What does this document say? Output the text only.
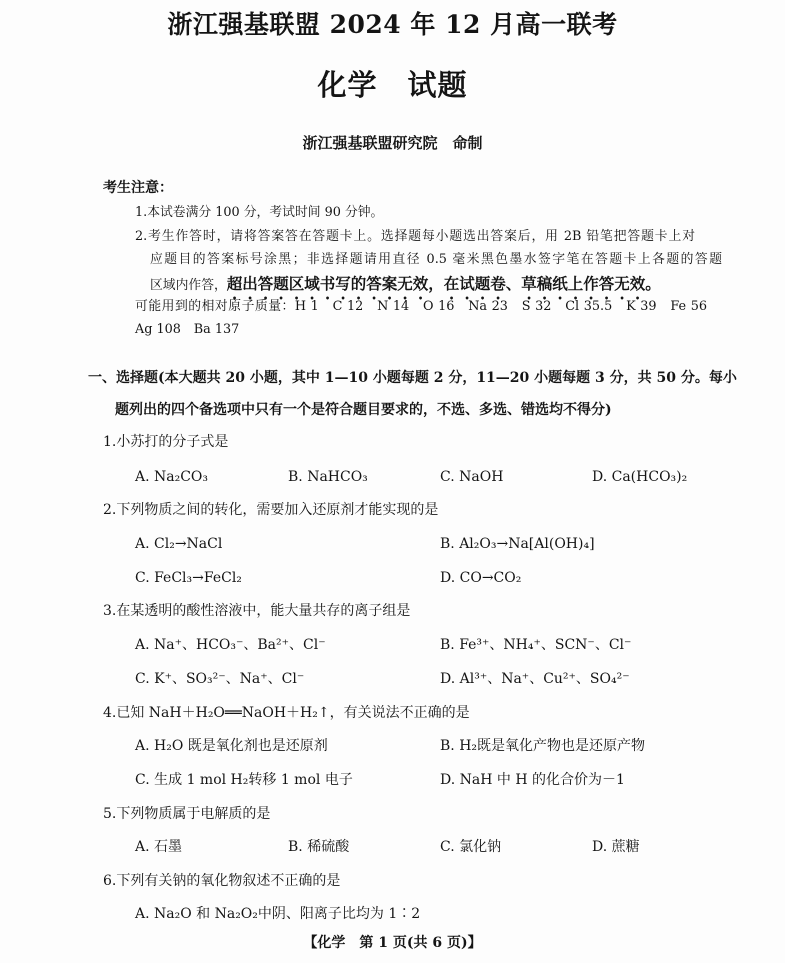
浙江强基联盟 2024 年 12 月高一联考
化学　试题
浙江强基联盟研究院　命制
考生注意：
1.本试卷满分 100 分，考试时间 90 分钟。
2.考生作答时，请将答案答在答题卡上。选择题每小题选出答案后，用 2B 铅笔把答题卡上对
应题目的答案标号涂黑；非选择题请用直径 0.5 毫米黑色墨水签字笔在答题卡上各题的答题
区域内作答，超出答题区域书写的答案无效，在试题卷、草稿纸上作答无效。
可能用到的相对原子质量：H 1　C 12　N 14　O 16　Na 23　S 32　Cl 35.5　K 39　Fe 56
Ag 108　Ba 137
一、选择题(本大题共 20 小题，其中 1—10 小题每题 2 分，11—20 小题每题 3 分，共 50 分。每小
题列出的四个备选项中只有一个是符合题目要求的，不选、多选、错选均不得分)
1.小苏打的分子式是
A. Na₂CO₃	B. NaHCO₃	C. NaOH	D. Ca(HCO₃)₂
2.下列物质之间的转化，需要加入还原剂才能实现的是
A. Cl₂→NaCl	B. Al₂O₃→Na[Al(OH)₄]
C. FeCl₃→FeCl₂	D. CO→CO₂
3.在某透明的酸性溶液中，能大量共存的离子组是
A. Na⁺、HCO₃⁻、Ba²⁺、Cl⁻	B. Fe³⁺、NH₄⁺、SCN⁻、Cl⁻
C. K⁺、SO₃²⁻、Na⁺、Cl⁻	D. Al³⁺、Na⁺、Cu²⁺、SO₄²⁻
4.已知 NaH＋H₂O══NaOH＋H₂↑，有关说法不正确的是
A. H₂O 既是氧化剂也是还原剂	B. H₂既是氧化产物也是还原产物
C. 生成 1 mol H₂转移 1 mol 电子	D. NaH 中 H 的化合价为－1
5.下列物质属于电解质的是
A. 石墨	B. 稀硫酸	C. 氯化钠	D. 蔗糖
6.下列有关钠的氧化物叙述不正确的是
A. Na₂O 和 Na₂O₂中阴、阳离子比均为 1∶2
【化学　第 1 页(共 6 页)】
